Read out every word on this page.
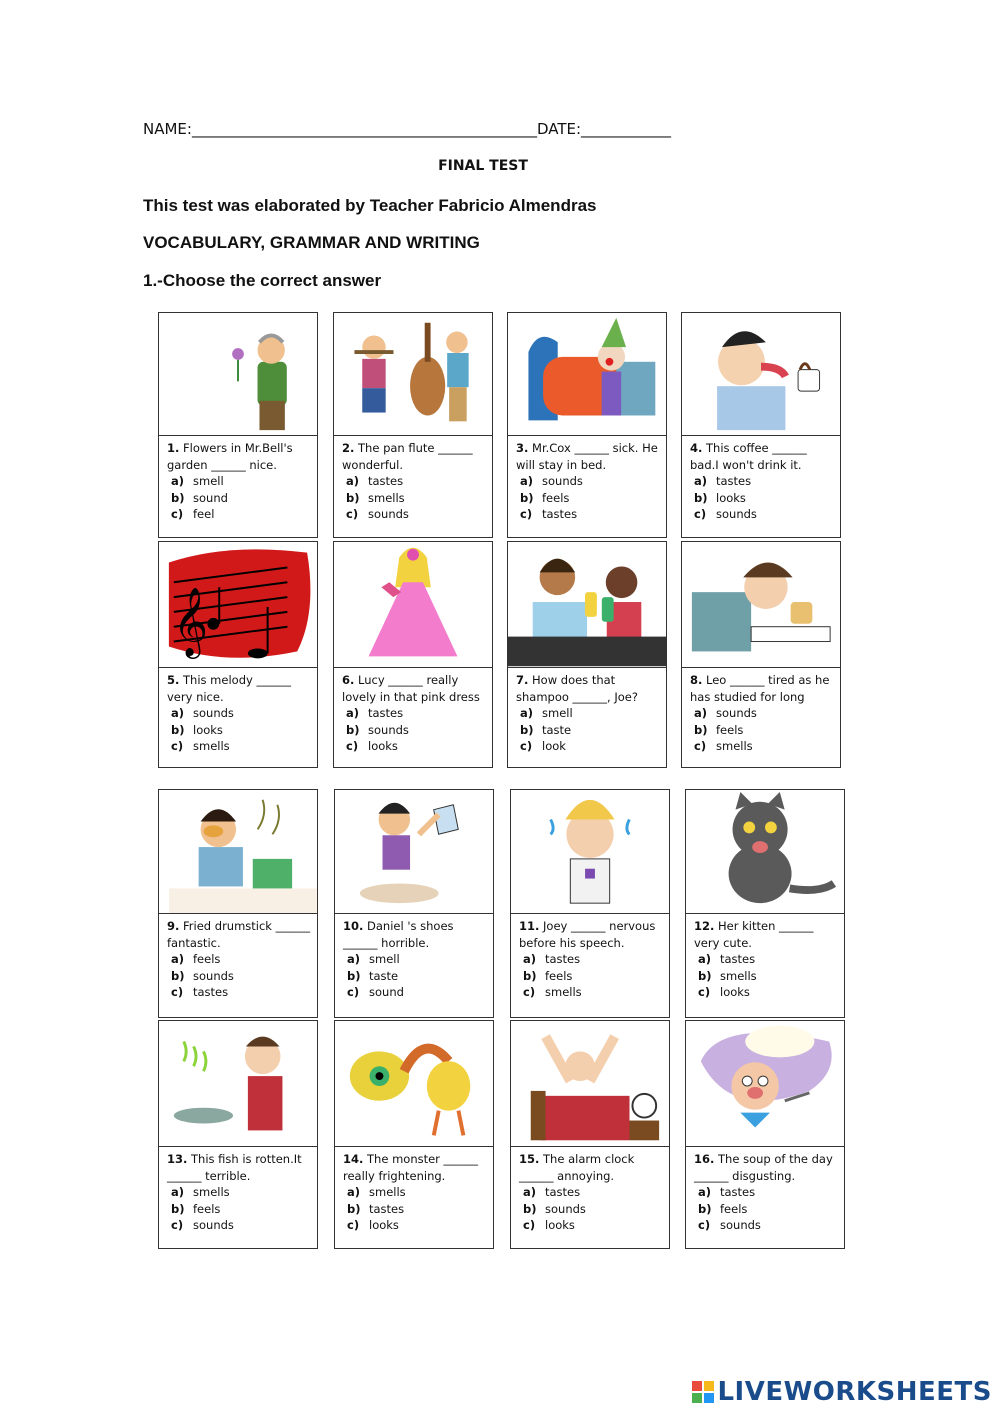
NAME:______________________________________________DATE:____________
FINAL TEST
This test was elaborated by Teacher Fabricio Almendras
VOCABULARY, GRAMMAR AND WRITING
1.-Choose the correct answer
1. Flowers in Mr.Bell's garden ______ nice.
a) smell
b) sound
c) feel
2. The pan flute ______ wonderful.
a) tastes
b) smells
c) sounds
3. Mr.Cox ______ sick. He will stay in bed.
a) sounds
b) feels
c) tastes
4. This coffee ______ bad.I won't drink it.
a) tastes
b) looks
c) sounds
𝄞
5. This melody ______ very nice.
a) sounds
b) looks
c) smells
6. Lucy ______ really lovely in that pink dress
a) tastes
b) sounds
c) looks
7. How does that shampoo ______, Joe?
a) smell
b) taste
c) look
8. Leo ______ tired as he has studied for long
a) sounds
b) feels
c) smells
9. Fried drumstick ______ fantastic.
a) feels
b) sounds
c) tastes
10. Daniel 's shoes ______ horrible.
a) smell
b) taste
c) sound
11. Joey ______ nervous before his speech.
a) tastes
b) feels
c) smells
12. Her kitten ______ very cute.
a) tastes
b) smells
c) looks
13. This fish is rotten.It ______ terrible.
a) smells
b) feels
c) sounds
14. The monster ______ really frightening.
a) smells
b) tastes
c) looks
15. The alarm clock ______ annoying.
a) tastes
b) sounds
c) looks
16. The soup of the day ______ disgusting.
a) tastes
b) feels
c) sounds
LIVEWORKSHEETS
